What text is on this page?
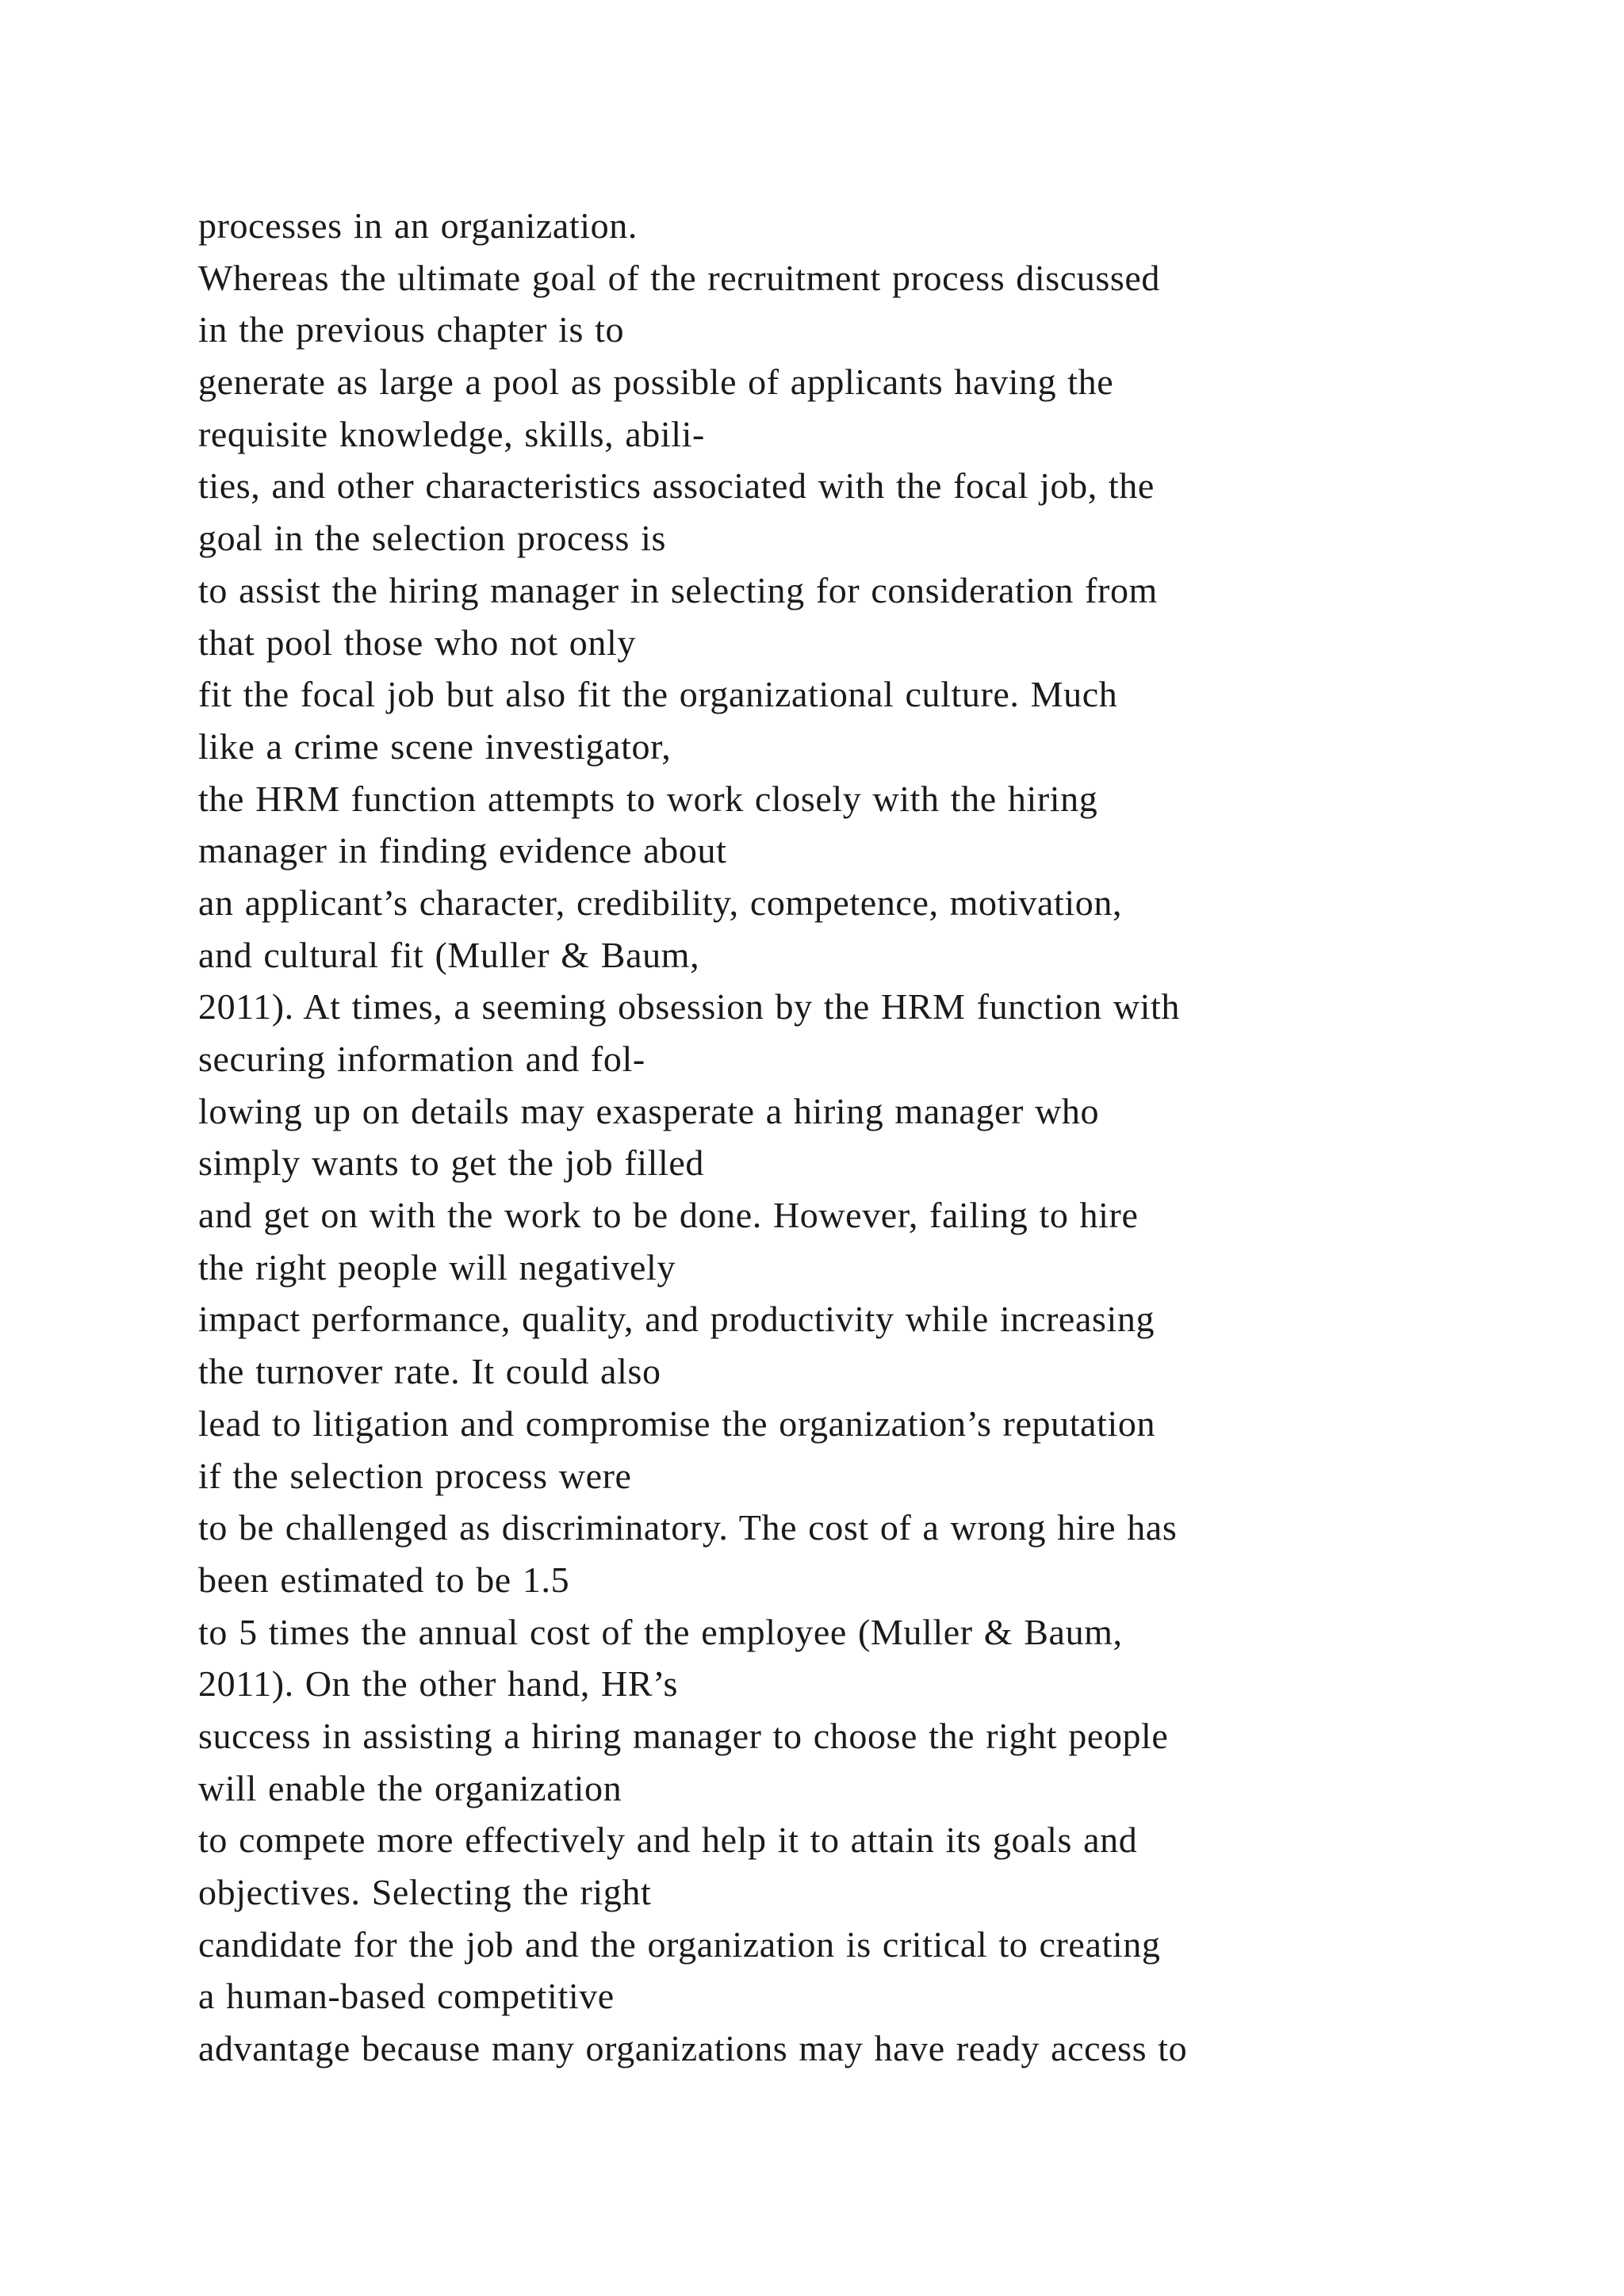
processes in an organization.
Whereas the ultimate goal of the recruitment process discussed
in the previous chapter is to
generate as large a pool as possible of applicants having the
requisite knowledge, skills, abili-
ties, and other characteristics associated with the focal job, the
goal in the selection process is
to assist the hiring manager in selecting for consideration from
that pool those who not only
fit the focal job but also fit the organizational culture. Much
like a crime scene investigator,
the HRM function attempts to work closely with the hiring
manager in finding evidence about
an applicant’s character, credibility, competence, motivation,
and cultural fit (Muller & Baum,
2011). At times, a seeming obsession by the HRM function with
securing information and fol-
lowing up on details may exasperate a hiring manager who
simply wants to get the job filled
and get on with the work to be done. However, failing to hire
the right people will negatively
impact performance, quality, and productivity while increasing
the turnover rate. It could also
lead to litigation and compromise the organization’s reputation
if the selection process were
to be challenged as discriminatory. The cost of a wrong hire has
been estimated to be 1.5
to 5 times the annual cost of the employee (Muller & Baum,
2011). On the other hand, HR’s
success in assisting a hiring manager to choose the right people
will enable the organization
to compete more effectively and help it to attain its goals and
objectives. Selecting the right
candidate for the job and the organization is critical to creating
a human-based competitive
advantage because many organizations may have ready access to
